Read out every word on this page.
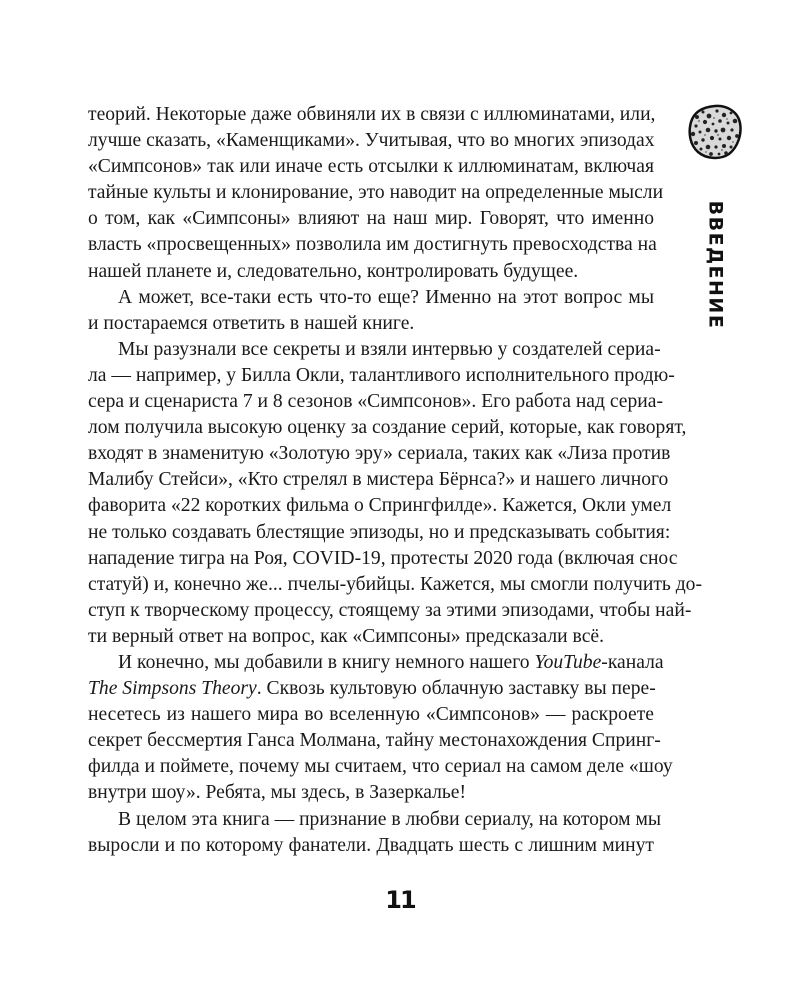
теорий. Некоторые даже обвиняли их в связи с иллюминатами, или,
лучше сказать, «Каменщиками». Учитывая, что во многих эпизодах
«Симпсонов» так или иначе есть отсылки к иллюминатам, включая
тайные культы и клонирование, это наводит на определенные мысли
о том, как «Симпсоны» влияют на наш мир. Говорят, что именно
власть «просвещенных» позволила им достигнуть превосходства на
нашей планете и, следовательно, контролировать будущее.
А может, все-таки есть что-то еще? Именно на этот вопрос мы
и постараемся ответить в нашей книге.
Мы разузнали все секреты и взяли интервью у создателей сериа-
ла — например, у Билла Окли, талантливого исполнительного продю-
сера и сценариста 7 и 8 сезонов «Симпсонов». Его работа над сериа-
лом получила высокую оценку за создание серий, которые, как говорят,
входят в знаменитую «Золотую эру» сериала, таких как «Лиза против
Малибу Стейси», «Кто стрелял в мистера Бёрнса?» и нашего личного
фаворита «22 коротких фильма о Спрингфилде». Кажется, Окли умел
не только создавать блестящие эпизоды, но и предсказывать события:
нападение тигра на Роя, COVID-19, протесты 2020 года (включая снос
статуй) и, конечно же... пчелы-убийцы. Кажется, мы смогли получить до-
ступ к творческому процессу, стоящему за этими эпизодами, чтобы най-
ти верный ответ на вопрос, как «Симпсоны» предсказали всё.
И конечно, мы добавили в книгу немного нашего YouTube-канала
The Simpsons Theory. Сквозь культовую облачную заставку вы пере-
несетесь из нашего мира во вселенную «Симпсонов» — раскроете
секрет бессмертия Ганса Молмана, тайну местонахождения Спринг-
филда и поймете, почему мы считаем, что сериал на самом деле «шоу
внутри шоу». Ребята, мы здесь, в Зазеркалье!
В целом эта книга — признание в любви сериалу, на котором мы
выросли и по которому фанатели. Двадцать шесть с лишним минут
ВВЕДЕНИЕ
11
